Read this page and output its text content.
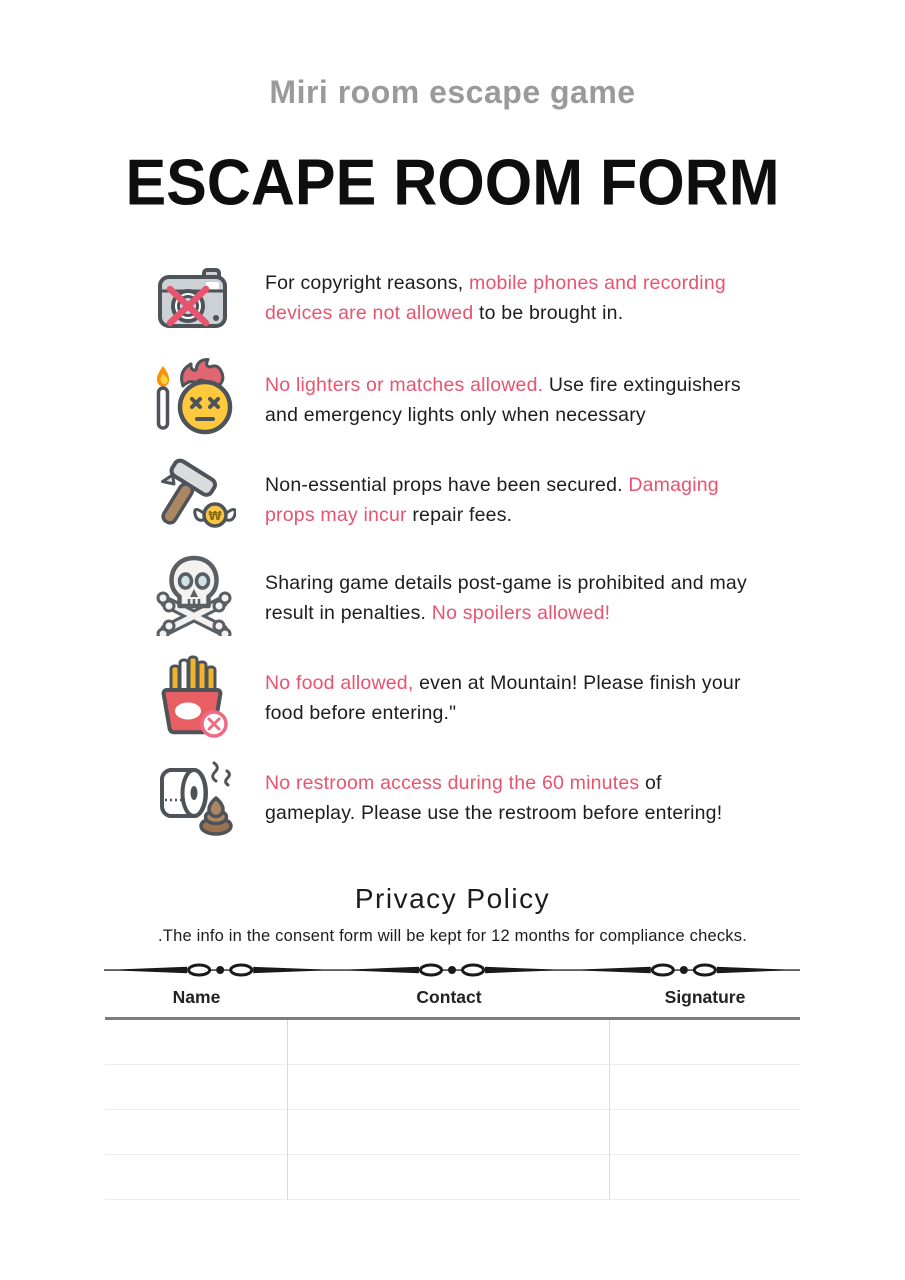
Miri room escape game
ESCAPE ROOM FORM

For copyright reasons, mobile phones and recording
devices are not allowed to be brought in.

No lighters or matches allowed. Use fire extinguishers
and emergency lights only when necessary

₩

Non-essential props have been secured. Damaging
props may incur repair fees.

Sharing game details post-game is prohibited and may
result in penalties. No spoilers allowed!

No food allowed, even at Mountain! Please finish your
food before entering."

No restroom access during the 60 minutes of
gameplay. Please use the restroom before entering!

Privacy Policy
.The info in the consent form will be kept for 12 months for compliance checks.
Name	Contact	Signature
